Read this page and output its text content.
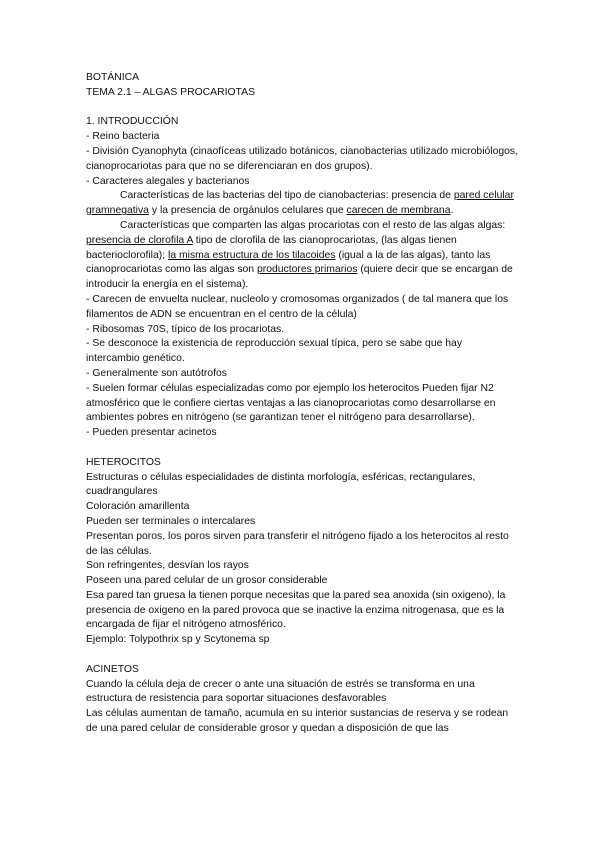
BOTÁNICA
TEMA 2.1 – ALGAS PROCARIOTAS
1. INTRODUCCIÓN
- Reino bacteria
- División Cyanophyta (cinaofíceas utilizado botánicos, cianobacterias utilizado microbiólogos, cianoprocariotas para que no se diferenciaran en dos grupos).
- Caracteres alegales y bacterianos

Características de las bacterias del tipo de cianobacterias: presencia de pared celular gramnegativa y la presencia de orgánulos celulares que carecen de membrana.

Características que comparten las algas procariotas con el resto de las algas algas: presencia de clorofila A tipo de clorofila de las cianoprocariotas, (las algas tienen bacterioclorofila); la misma estructura de los tilacoides (igual a la de las algas), tanto las cianoprocariotas como las algas son productores primarios (quiere decir que se encargan de introducir la energía en el sistema).

- Carecen de envuelta nuclear, nucleolo y cromosomas organizados ( de tal manera que los filamentos de ADN se encuentran en el centro de la célula)
- Ribosomas 70S, típico de los procariotas.
- Se desconoce la existencia de reproducción sexual típica, pero se sabe que hay intercambio genético.
- Generalmente son autótrofos
- Suelen formar células especializadas como por ejemplo los heterocitos Pueden fijar N2 atmosférico que le confiere ciertas ventajas a las cianoprocariotas como desarrollarse en ambientes pobres en nitrógeno (se garantizan tener el nitrógeno para desarrollarse).
- Pueden presentar acinetos
HETEROCITOS
Estructuras o células especialidades de distinta morfología, esféricas, rectangulares, cuadrangulares
Coloración amarillenta
Pueden ser terminales o intercalares
Presentan poros, los poros sirven para transferir el nitrógeno fijado a los heterocitos al resto de las células.
Son refringentes, desvían los rayos
Poseen una pared celular de un grosor considerable
Esa pared tan gruesa la tienen porque necesitas que la pared sea anoxida (sin oxigeno), la presencia de oxigeno en la pared provoca que se inactive la enzima nitrogenasa, que es la encargada de fijar el nitrógeno atmosférico.
Ejemplo: Tolypothrix sp y Scytonema sp
ACINETOS
Cuando la célula deja de crecer o ante una situación de estrés se transforma en una estructura de resistencia para soportar situaciones desfavorables
Las células aumentan de tamaño, acumula en su interior sustancias de reserva y se rodean de una pared celular de considerable grosor y quedan a disposición de que las
